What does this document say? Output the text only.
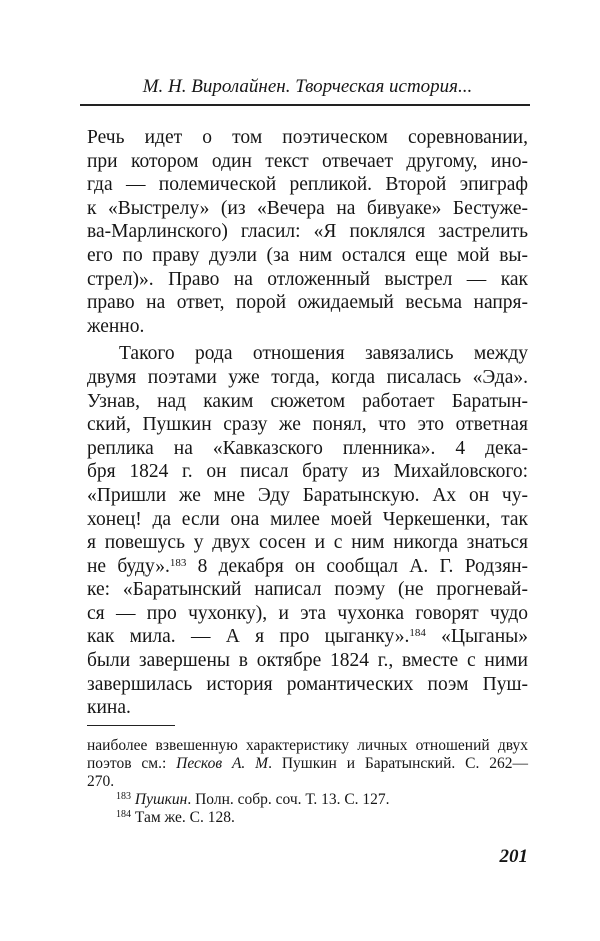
М. Н. Виролайнен. Творческая история...
Речь идет о том поэтическом соревновании,
при котором один текст отвечает другому, ино-
гда — полемической репликой. Второй эпиграф
к «Выстрелу» (из «Вечера на бивуаке» Бестуже-
ва-Марлинского) гласил: «Я поклялся застрелить
его по праву дуэли (за ним остался еще мой вы-
стрел)». Право на отложенный выстрел — как
право на ответ, порой ожидаемый весьма напря-
женно.
Такого рода отношения завязались между
двумя поэтами уже тогда, когда писалась «Эда».
Узнав, над каким сюжетом работает Баратын-
ский, Пушкин сразу же понял, что это ответная
реплика на «Кавказского пленника». 4 дека-
бря 1824 г. он писал брату из Михайловского:
«Пришли же мне Эду Баратынскую. Ах он чу-
хонец! да если она милее моей Черкешенки, так
я повешусь у двух сосен и с ним никогда знаться
не буду».$^{183}$ 8 декабря он сообщал А. Г. Родзян-
ке: «Баратынский написал поэму (не прогневай-
ся — про чухонку), и эта чухонка говорят чудо
как мила. — А я про цыганку».$^{184}$ «Цыганы»
были завершены в октябре 1824 г., вместе с ними
завершилась история романтических поэм Пуш-
кина.
наиболее взвешенную характеристику личных отношений двух
поэтов см.: Песков А. М. Пушкин и Баратынский. С. 262—
270.
$^{183}$ Пушкин. Полн. собр. соч. Т. 13. С. 127.
$^{184}$ Там же. С. 128.
201
